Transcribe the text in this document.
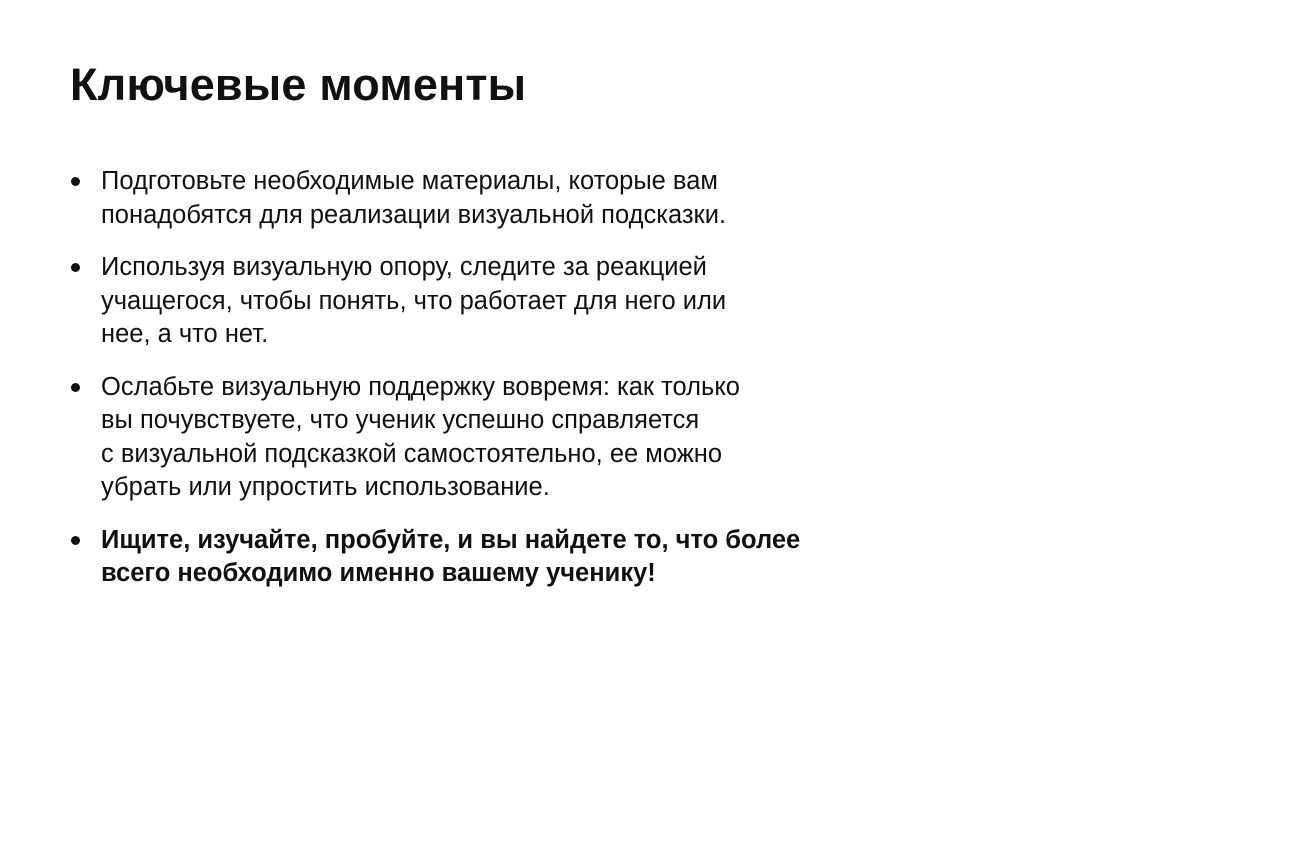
Ключевые моменты
Подготовьте необходимые материалы, которые вам
понадобятся для реализации визуальной подсказки.
Используя визуальную опору, следите за реакцией
учащегося, чтобы понять, что работает для него или
нее, а что нет.
Ослабьте визуальную поддержку вовремя: как только
вы почувствуете, что ученик успешно справляется
с визуальной подсказкой самостоятельно, ее можно
убрать или упростить использование.
Ищите, изучайте, пробуйте, и вы найдете то, что более
всего необходимо именно вашему ученику!
